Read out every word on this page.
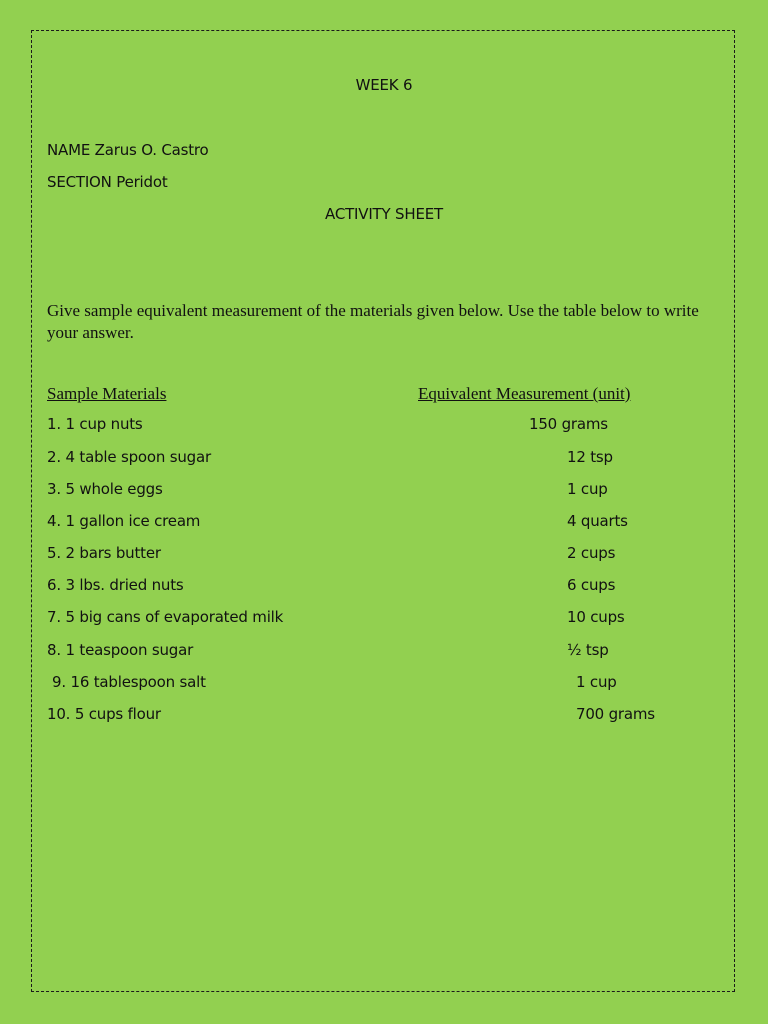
WEEK 6
NAME Zarus O. Castro
SECTION Peridot
ACTIVITY SHEET
Give sample equivalent measurement of the materials given below. Use the table below to write your answer.
Sample Materials	Equivalent Measurement (unit)
1. 1 cup nuts	150 grams
2. 4 table spoon sugar	12 tsp
3. 5 whole eggs	1 cup
4. 1 gallon ice cream	4 quarts
5. 2 bars butter	2 cups
6. 3 lbs. dried nuts	6 cups
7. 5 big cans of evaporated milk	10 cups
8. 1 teaspoon sugar	½ tsp
9. 16 tablespoon salt	1 cup
10. 5 cups flour	700 grams
